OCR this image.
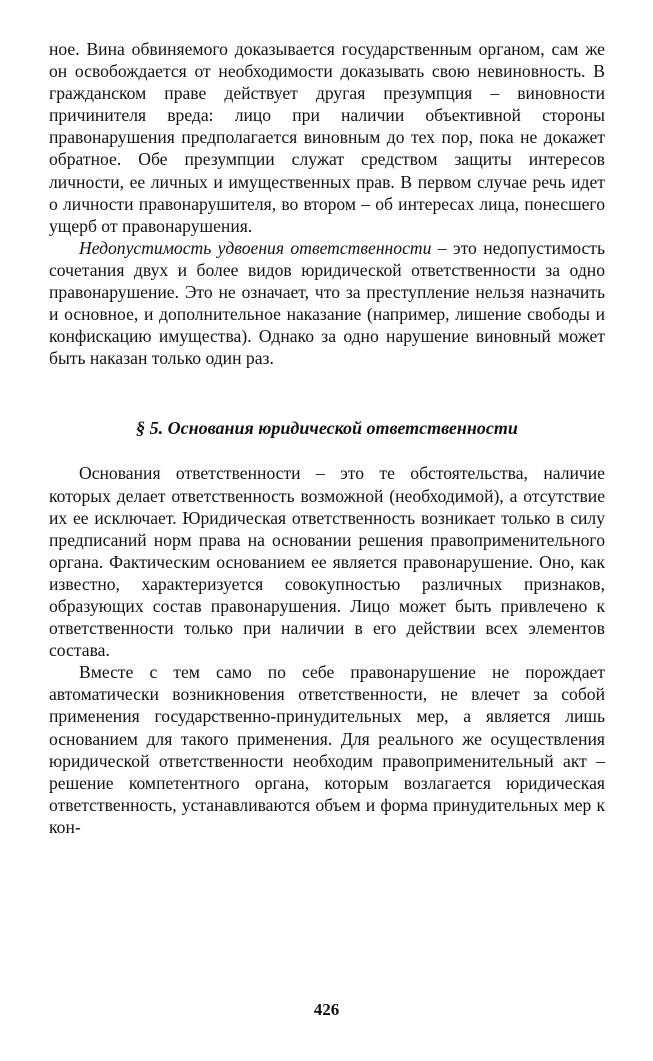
ное. Вина обвиняемого доказывается государственным органом, сам же он освобождается от необходимости доказывать свою невиновность. В гражданском праве действует другая презумпция – виновности причинителя вреда: лицо при наличии объективной стороны правонарушения предполагается виновным до тех пор, пока не докажет обратное. Обе презумпции служат средством защиты интересов личности, ее личных и имущественных прав. В первом случае речь идет о личности правонарушителя, во втором – об интересах лица, понесшего ущерб от правонарушения.

Недопустимость удвоения ответственности – это недопустимость сочетания двух и более видов юридической ответственности за одно правонарушение. Это не означает, что за преступление нельзя назначить и основное, и дополнительное наказание (например, лишение свободы и конфискацию имущества). Однако за одно нарушение виновный может быть наказан только один раз.

§ 5. Основания юридической ответственности

Основания ответственности – это те обстоятельства, наличие которых делает ответственность возможной (необходимой), а отсутствие их ее исключает. Юридическая ответственность возникает только в силу предписаний норм права на основании решения правоприменительного органа. Фактическим основанием ее является правонарушение. Оно, как известно, характеризуется совокупностью различных признаков, образующих состав правонарушения. Лицо может быть привлечено к ответственности только при наличии в его действии всех элементов состава.

Вместе с тем само по себе правонарушение не порождает автоматически возникновения ответственности, не влечет за собой применения государственно-принудительных мер, а является лишь основанием для такого применения. Для реального же осуществления юридической ответственности необходим правоприменительный акт – решение компетентного органа, которым возлагается юридическая ответственность, устанавливаются объем и форма принудительных мер к кон-

426
